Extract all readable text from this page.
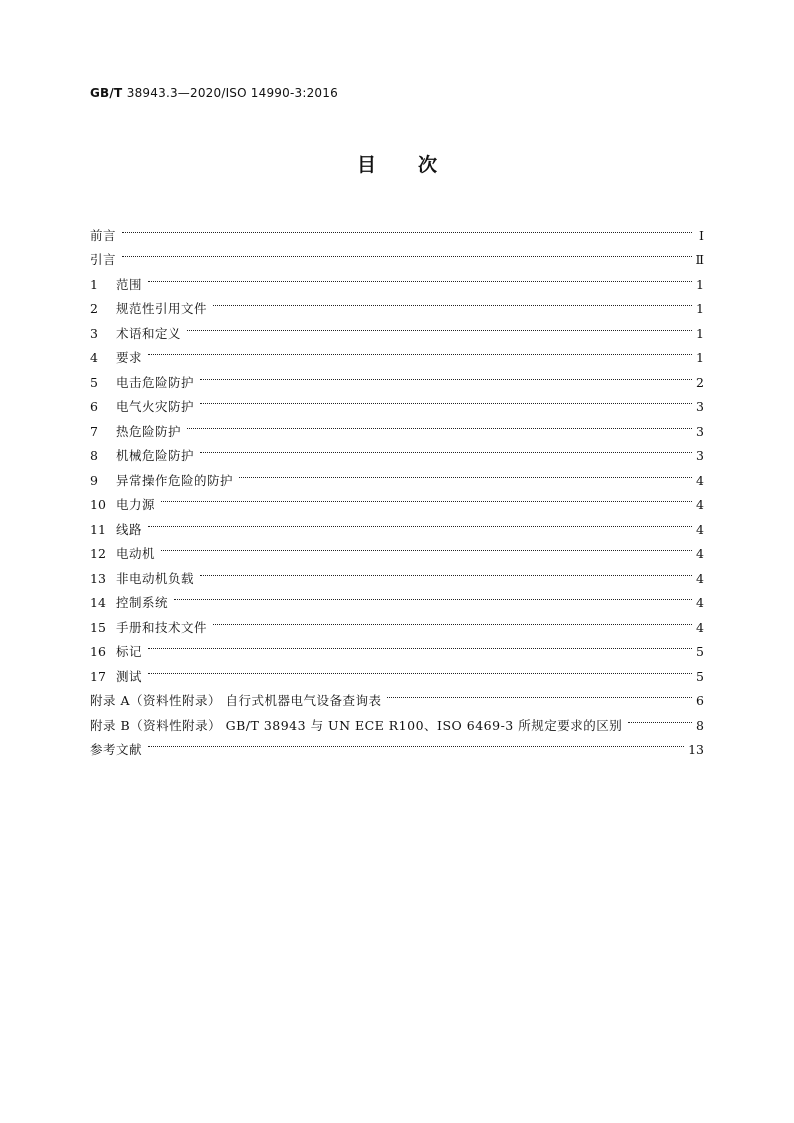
GB/T 38943.3—2020/ISO 14990-3:2016
目次
前言	Ⅰ
引言	Ⅱ
1	范围	1
2	规范性引用文件	1
3	术语和定义	1
4	要求	1
5	电击危险防护	2
6	电气火灾防护	3
7	热危险防护	3
8	机械危险防护	3
9	异常操作危险的防护	4
10 电力源	4
11 线路	4
12 电动机	4
13 非电动机负载	4
14 控制系统	4
15 手册和技术文件	4
16 标记	5
17 测试	5
附录 A（资料性附录） 自行式机器电气设备查询表	6
附录 B（资料性附录） GB/T 38943 与 UN ECE R100、ISO 6469-3 所规定要求的区别	8
参考文献	13
